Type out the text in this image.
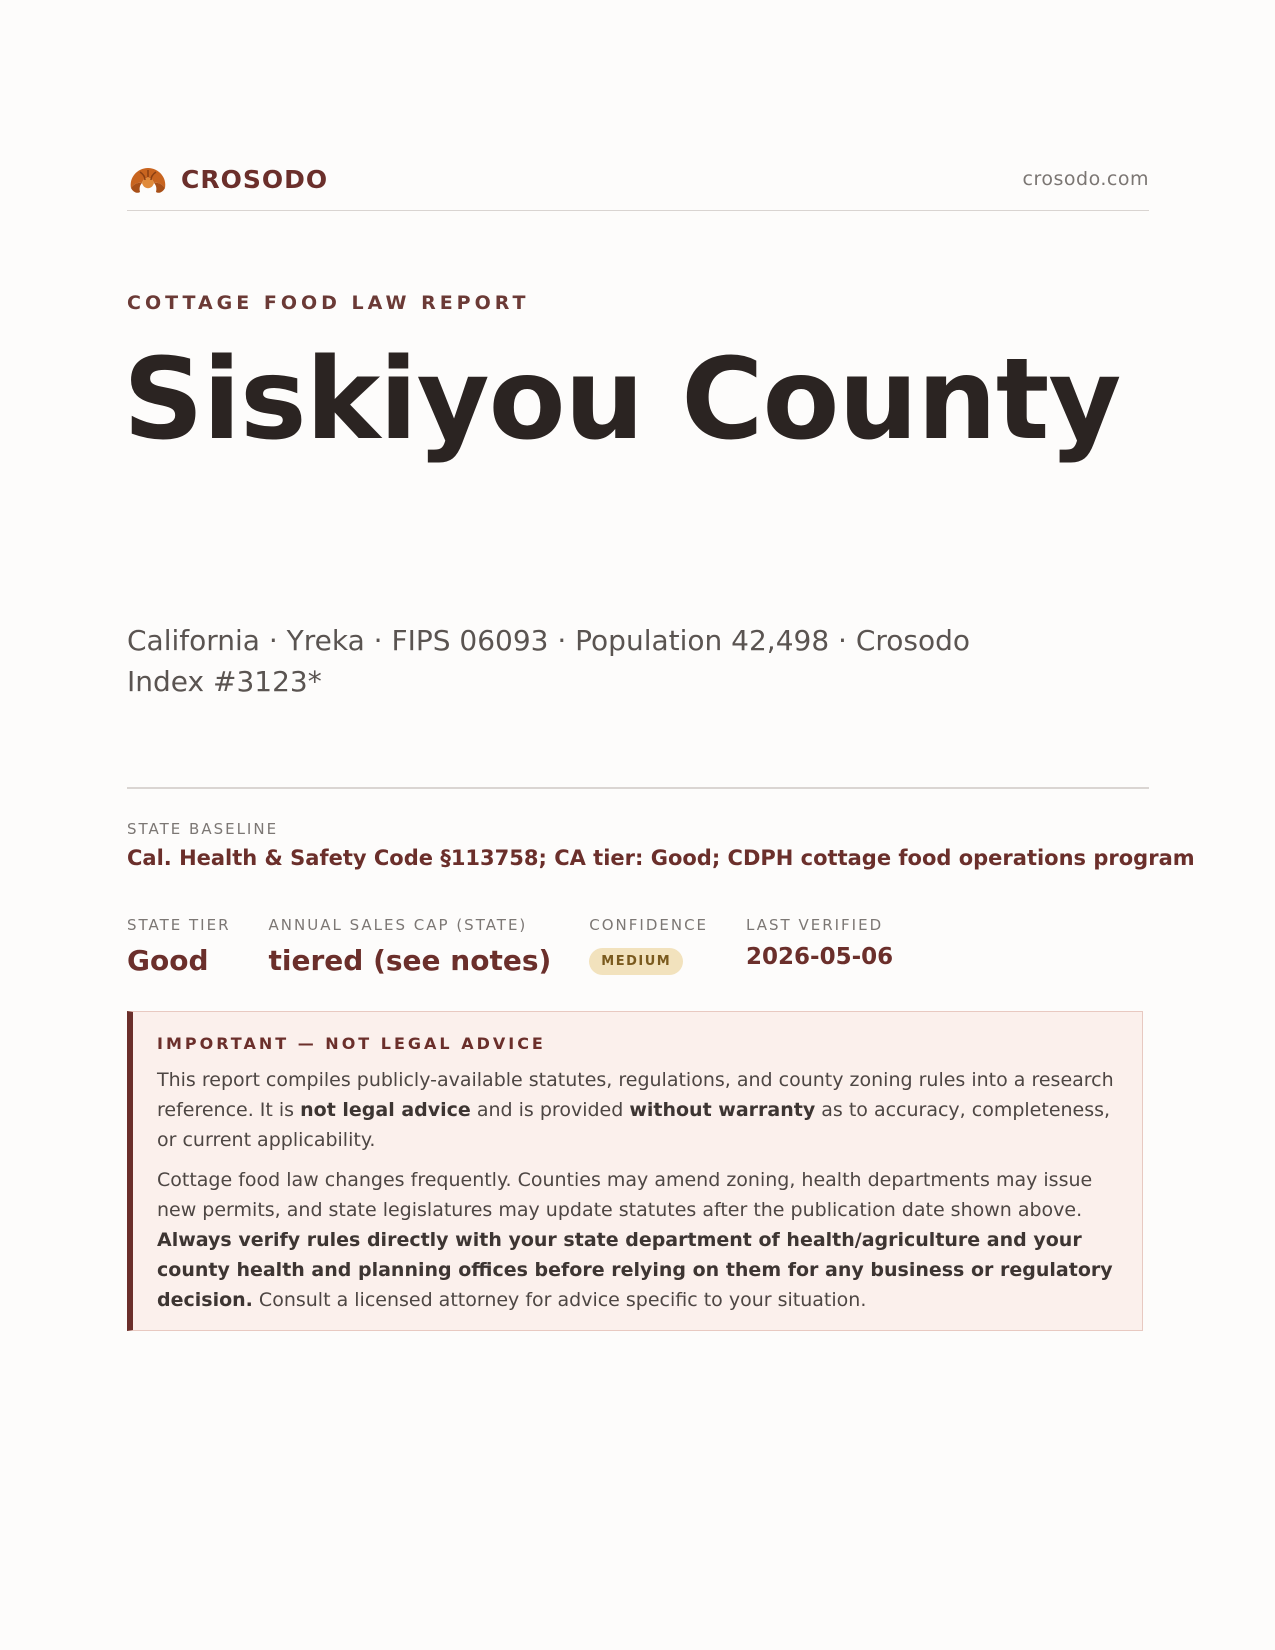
CROSODO	crosodo.com
COTTAGE FOOD LAW REPORT
Siskiyou County
California · Yreka · FIPS 06093 · Population 42,498 · Crosodo Index #3123*
STATE BASELINE
Cal. Health & Safety Code §113758; CA tier: Good; CDPH cottage food operations program
STATE TIER
Good
ANNUAL SALES CAP (STATE)
tiered (see notes)
CONFIDENCE
MEDIUM
LAST VERIFIED
2026-05-06
IMPORTANT — NOT LEGAL ADVICE

This report compiles publicly-available statutes, regulations, and county zoning rules into a research reference. It is not legal advice and is provided without warranty as to accuracy, completeness, or current applicability.

Cottage food law changes frequently. Counties may amend zoning, health departments may issue new permits, and state legislatures may update statutes after the publication date shown above. Always verify rules directly with your state department of health/agriculture and your county health and planning offices before relying on them for any business or regulatory decision. Consult a licensed attorney for advice specific to your situation.
